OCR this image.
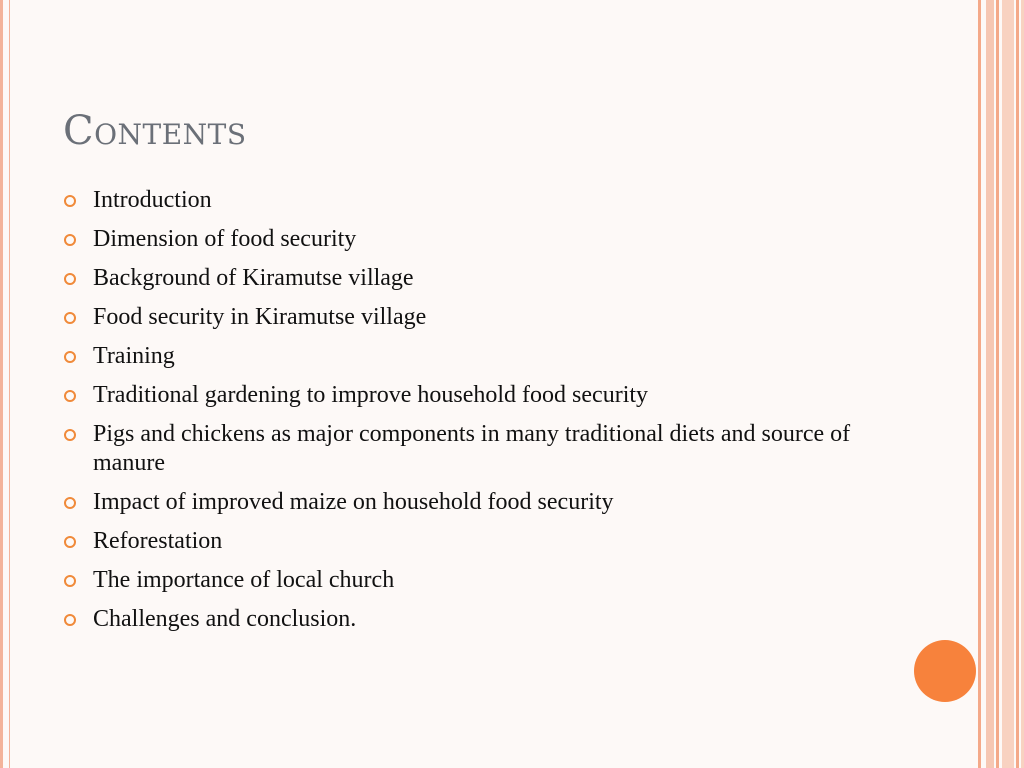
Contents
Introduction
Dimension of food security
Background of Kiramutse village
Food security in Kiramutse village
Training
Traditional gardening to improve household food security
Pigs and chickens as major components in many traditional diets and source of manure
Impact of improved maize on household food security
Reforestation
The importance of local church
Challenges and conclusion.
